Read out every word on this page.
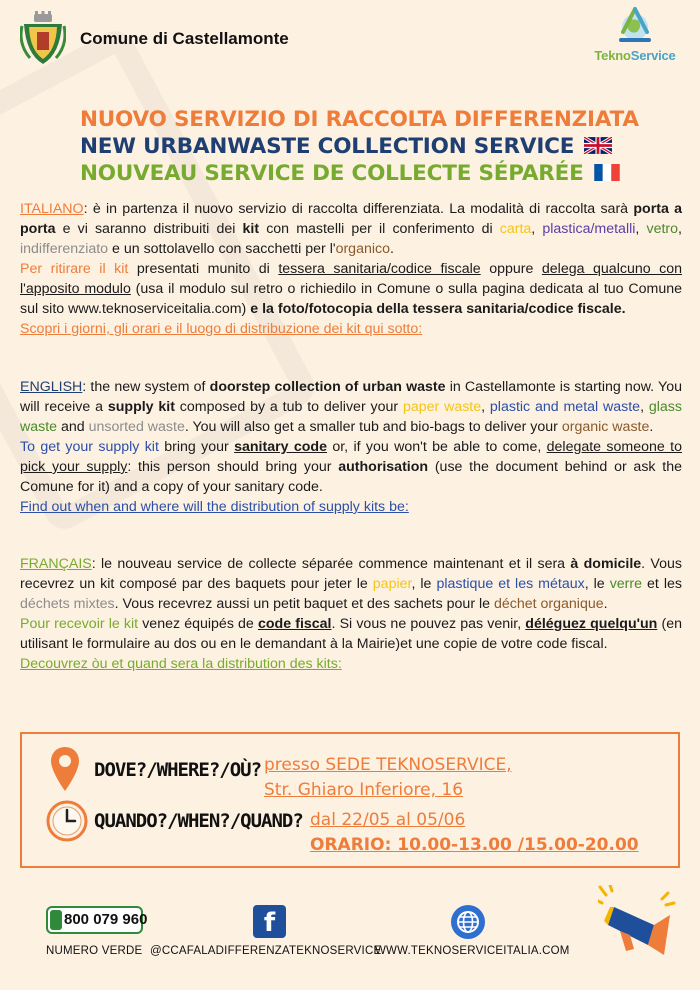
Comune di Castellamonte
TeknoService
NUOVO SERVIZIO DI RACCOLTA DIFFERENZIATA
NEW URBANWASTE COLLECTION SERVICE
NOUVEAU SERVICE DE COLLECTE SÉPARÉE

ITALIANO: è in partenza il nuovo servizio di raccolta differenziata. La modalità di raccolta sarà porta a porta e vi saranno distribuiti dei kit con mastelli per il conferimento di carta, plastica/metalli, vetro, indifferenziato e un sottolavello con sacchetti per l'organico.

Per ritirare il kit presentati munito di tessera sanitaria/codice fiscale oppure delega qualcuno con l'apposito modulo (usa il modulo sul retro o richiedilo in Comune o sulla pagina dedicata al tuo Comune sul sito www.teknoserviceitalia.com) e la foto/fotocopia della tessera sanitaria/codice fiscale.

Scopri i giorni, gli orari e il luogo di distribuzione dei kit qui sotto:

ENGLISH: the new system of doorstep collection of urban waste in Castellamonte is starting now. You will receive a supply kit composed by a tub to deliver your paper waste, plastic and metal waste, glass waste and unsorted waste. You will also get a smaller tub and bio-bags to deliver your organic waste.

To get your supply kit bring your sanitary code or, if you won't be able to come, delegate someone to pick your supply: this person should bring your authorisation (use the document behind or ask the Comune for it) and a copy of your sanitary code.

Find out when and where will the distribution of supply kits be:

FRANÇAIS: le nouveau service de collecte séparée commence maintenant et il sera à domicile. Vous recevrez un kit composé par des baquets pour jeter le papier, le plastique et les métaux, le verre et les déchets mixtes. Vous recevrez aussi un petit baquet et des sachets pour le déchet organique.

Pour recevoir le kit venez équipés de code fiscal. Si vous ne pouvez pas venir, déléguez quelqu'un (en utilisant le formulaire au dos ou en le demandant à la Mairie)et une copie de votre code fiscal.

Decouvrez òu et quand sera la distribution des kits:

DOVE?/WHERE?/OÙ? presso SEDE TEKNOSERVICE,
Str. Ghiaro Inferiore, 16
QUANDO?/WHEN?/QUAND? dal 22/05 al 05/06
ORARIO: 10.00-13.00 /15.00-20.00
800 079 960
NUMERO VERDE
f
@CCAFALADIFFERENZATEKNOSERVICE
WWW.TEKNOSERVICEITALIA.COM
